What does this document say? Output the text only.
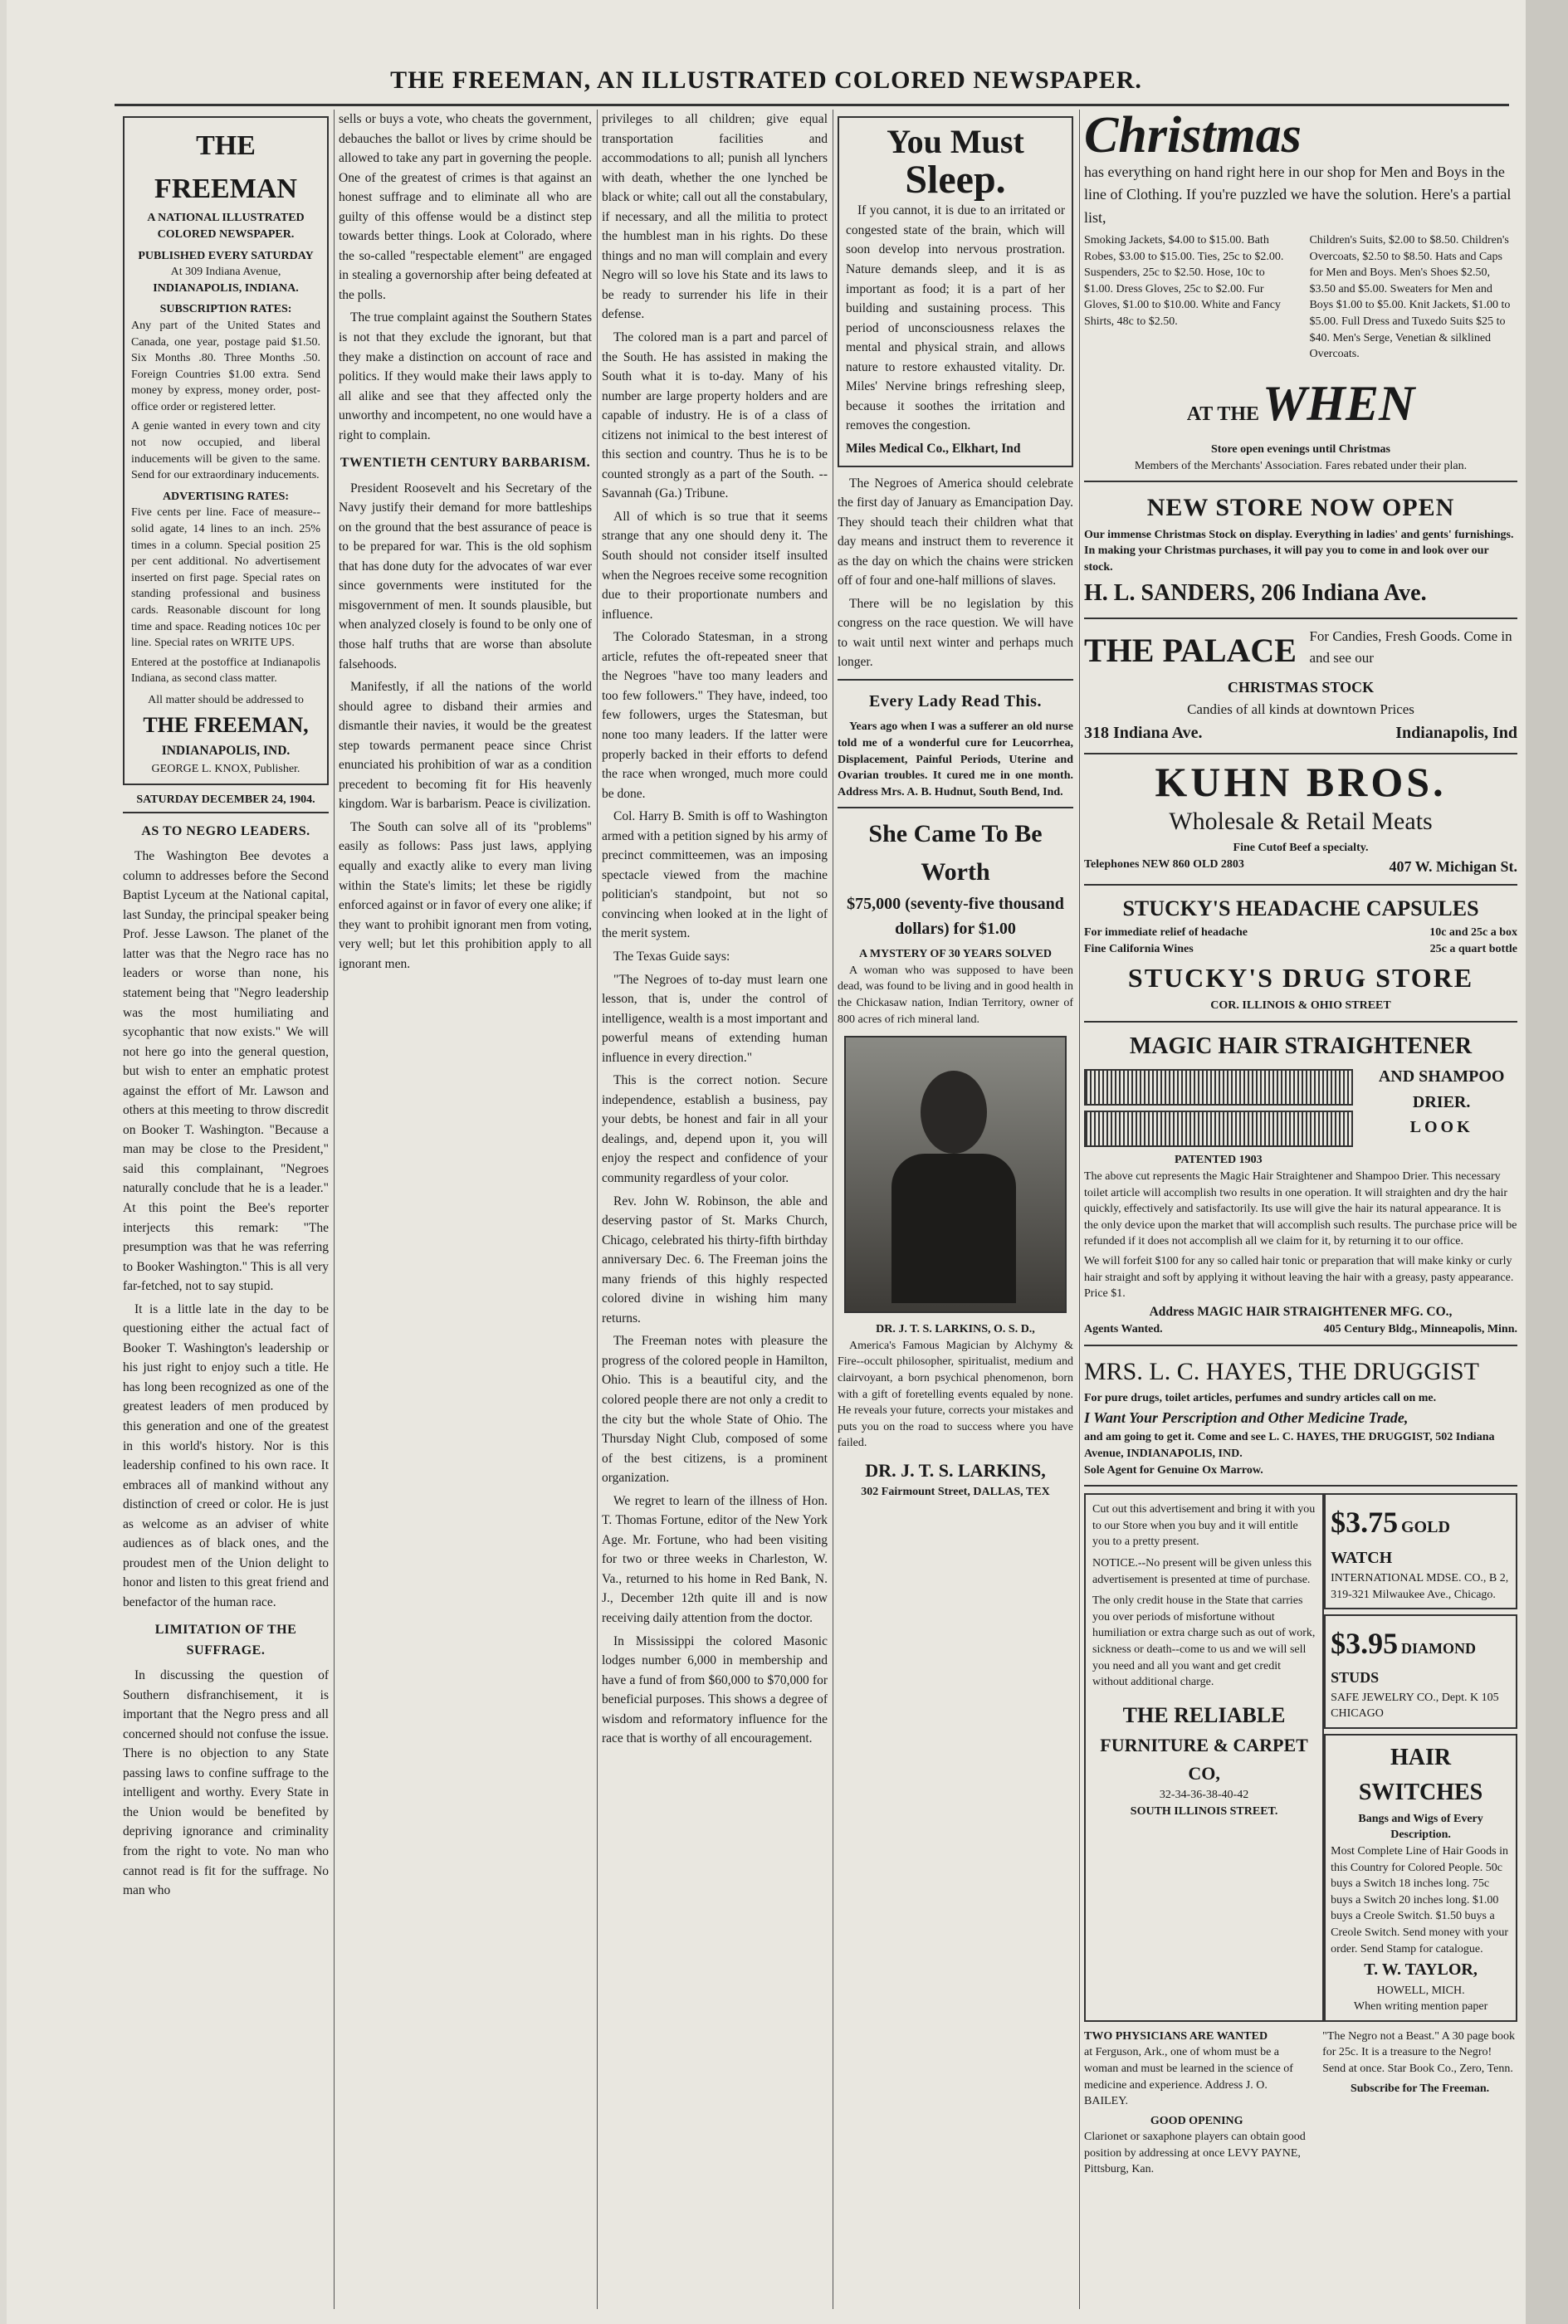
THE FREEMAN, AN ILLUSTRATED COLORED NEWSPAPER.
THE FREEMAN
A NATIONAL ILLUSTRATED
COLORED NEWSPAPER.
PUBLISHED EVERY SATURDAY
At 309 Indiana Avenue,
INDIANAPOLIS, INDIANA.
SUBSCRIPTION RATES:
Any part of the United States and Canada, one year, postage paid $1.50. Six Months .80. Three Months .50. Foreign Countries $1.00 extra. Send money by express, money order, post-office order or registered letter.
A genie wanted in every town and city not now occupied, and liberal inducements will be given to the same. Send for our extraordinary inducements.
ADVERTISING RATES:
Five cents per line. Face of measure--solid agate, 14 lines to an inch. 25% times in a column. Special position 25 per cent additional. No advertisement inserted on first page. Special rates on standing professional and business cards. Reasonable discount for long time and space. Reading notices 10c per line. Special rates on WRITE UPS.
Entered at the postoffice at Indianapolis Indiana, as second class matter.
All matter should be addressed to
THE FREEMAN,
INDIANAPOLIS, IND.
GEORGE L. KNOX, Publisher.
SATURDAY DECEMBER 24, 1904.
AS TO NEGRO LEADERS.

The Washington Bee devotes a column to addresses before the Second Baptist Lyceum at the National capital, last Sunday, the principal speaker being Prof. Jesse Lawson. The planet of the latter was that the Negro race has no leaders or worse than none, his statement being that "Negro leadership was the most humiliating and sycophantic that now exists." We will not here go into the general question, but wish to enter an emphatic protest against the effort of Mr. Lawson and others at this meeting to throw discredit on Booker T. Washington. "Because a man may be close to the President," said this complainant, "Negroes naturally conclude that he is a leader." At this point the Bee's reporter interjects this remark: "The presumption was that he was referring to Booker Washington." This is all very far-fetched, not to say stupid.

It is a little late in the day to be questioning either the actual fact of Booker T. Washington's leadership or his just right to enjoy such a title. He has long been recognized as one of the greatest leaders of men produced by this generation and one of the greatest in this world's history. Nor is this leadership confined to his own race. It embraces all of mankind without any distinction of creed or color. He is just as welcome as an adviser of white audiences as of black ones, and the proudest men of the Union delight to honor and listen to this great friend and benefactor of the human race.

LIMITATION OF THE SUFFRAGE.

In discussing the question of Southern disfranchisement, it is important that the Negro press and all concerned should not confuse the issue. There is no objection to any State passing laws to confine suffrage to the intelligent and worthy. Every State in the Union would be benefited by depriving ignorance and criminality from the right to vote. No man who cannot read is fit for the suffrage. No man who

sells or buys a vote, who cheats the government, debauches the ballot or lives by crime should be allowed to take any part in governing the people. One of the greatest of crimes is that against an honest suffrage and to eliminate all who are guilty of this offense would be a distinct step towards better things. Look at Colorado, where the so-called "respectable element" are engaged in stealing a governorship after being defeated at the polls.

The true complaint against the Southern States is not that they exclude the ignorant, but that they make a distinction on account of race and politics. If they would make their laws apply to all alike and see that they affected only the unworthy and incompetent, no one would have a right to complain.

TWENTIETH CENTURY BARBARISM.

President Roosevelt and his Secretary of the Navy justify their demand for more battleships on the ground that the best assurance of peace is to be prepared for war. This is the old sophism that has done duty for the advocates of war ever since governments were instituted for the misgovernment of men. It sounds plausible, but when analyzed closely is found to be only one of those half truths that are worse than absolute falsehoods.

Manifestly, if all the nations of the world should agree to disband their armies and dismantle their navies, it would be the greatest step towards permanent peace since Christ enunciated his prohibition of war as a condition precedent to becoming fit for His heavenly kingdom. War is barbarism. Peace is civilization.

The South can solve all of its "problems" easily as follows: Pass just laws, applying equally and exactly alike to every man living within the State's limits; let these be rigidly enforced against or in favor of every one alike; if they want to prohibit ignorant men from voting, very well; but let this prohibition apply to all ignorant men.

privileges to all children; give equal transportation facilities and accommodations to all; punish all lynchers with death, whether the one lynched be black or white; call out all the constabulary, if necessary, and all the militia to protect the humblest man in his rights. Do these things and no man will complain and every Negro will so love his State and its laws to be ready to surrender his life in their defense.

The colored man is a part and parcel of the South. He has assisted in making the South what it is to-day. Many of his number are large property holders and are capable of industry. He is of a class of citizens not inimical to the best interest of this section and country. Thus he is to be counted strongly as a part of the South. --Savannah (Ga.) Tribune.

All of which is so true that it seems strange that any one should deny it. The South should not consider itself insulted when the Negroes receive some recognition due to their proportionate numbers and influence.

The Colorado Statesman, in a strong article, refutes the oft-repeated sneer that the Negroes "have too many leaders and too few followers." They have, indeed, too few followers, urges the Statesman, but none too many leaders. If the latter were properly backed in their efforts to defend the race when wronged, much more could be done.

Col. Harry B. Smith is off to Washington armed with a petition signed by his army of precinct committeemen, was an imposing spectacle viewed from the machine politician's standpoint, but not so convincing when looked at in the light of the merit system.

The Texas Guide says:

"The Negroes of to-day must learn one lesson, that is, under the control of intelligence, wealth is a most important and powerful means of extending human influence in every direction."

This is the correct notion. Secure independence, establish a business, pay your debts, be honest and fair in all your dealings, and, depend upon it, you will enjoy the respect and confidence of your community regardless of your color.

Rev. John W. Robinson, the able and deserving pastor of St. Marks Church, Chicago, celebrated his thirty-fifth birthday anniversary Dec. 6. The Freeman joins the many friends of this highly respected colored divine in wishing him many returns.

The Freeman notes with pleasure the progress of the colored people in Hamilton, Ohio. This is a beautiful city, and the colored people there are not only a credit to the city but the whole State of Ohio. The Thursday Night Club, composed of some of the best citizens, is a prominent organization.

We regret to learn of the illness of Hon. T. Thomas Fortune, editor of the New York Age. Mr. Fortune, who had been visiting for two or three weeks in Charleston, W. Va., returned to his home in Red Bank, N. J., December 12th quite ill and is now receiving daily attention from the doctor.

In Mississippi the colored Masonic lodges number 6,000 in membership and have a fund of from $60,000 to $70,000 for beneficial purposes. This shows a degree of wisdom and reformatory influence for the race that is worthy of all encouragement.

You Must
Sleep.

If you cannot, it is due to an irritated or congested state of the brain, which will soon develop into nervous prostration. Nature demands sleep, and it is as important as food; it is a part of her building and sustaining process. This period of unconsciousness relaxes the mental and physical strain, and allows nature to restore exhausted vitality. Dr. Miles' Nervine brings refreshing sleep, because it soothes the irritation and removes the congestion.

Miles Medical Co., Elkhart, Ind

The Negroes of America should celebrate the first day of January as Emancipation Day. They should teach their children what that day means and instruct them to reverence it as the day on which the chains were stricken off of four and one-half millions of slaves.

There will be no legislation by this congress on the race question. We will have to wait until next winter and perhaps much longer.

Every Lady Read This.

Years ago when I was a sufferer an old nurse told me of a wonderful cure for Leucorrhea, Displacement, Painful Periods, Uterine and Ovarian troubles. It cured me in one month. Address Mrs. A. B. Hudnut, South Bend, Ind.

She Came To Be Worth
$75,000 (seventy-five thousand dollars) for $1.00
A MYSTERY OF 30 YEARS SOLVED

A woman who was supposed to have been dead, was found to be living and in good health in the Chickasaw nation, Indian Territory, owner of 800 acres of rich mineral land.

DR. J. T. S. LARKINS, O. S. D.,

America's Famous Magician by Alchymy & Fire--occult philosopher, spiritualist, medium and clairvoyant, a born psychical phenomenon, born with a gift of foretelling events equaled by none. He reveals your future, corrects your mistakes and puts you on the road to success where you have failed.

DR. J. T. S. LARKINS,
302 Fairmount Street, DALLAS, TEX
Christmas
has everything on hand right here in our shop for Men and Boys in the line of Clothing. If you're puzzled we have the solution. Here's a partial list,
Smoking Jackets, $4.00 to $15.00. Bath Robes, $3.00 to $15.00. Ties, 25c to $2.00. Suspenders, 25c to $2.50. Hose, 10c to $1.00. Dress Gloves, 25c to $2.00. Fur Gloves, $1.00 to $10.00. White and Fancy Shirts, 48c to $2.50.
Children's Suits, $2.00 to $8.50. Children's Overcoats, $2.50 to $8.50. Hats and Caps for Men and Boys. Men's Shoes $2.50, $3.50 and $5.00. Sweaters for Men and Boys $1.00 to $5.00. Knit Jackets, $1.00 to $5.00. Full Dress and Tuxedo Suits $25 to $40. Men's Serge, Venetian & silklined Overcoats.
AT THE WHEN
Store open evenings until Christmas
Members of the Merchants' Association. Fares rebated under their plan.
NEW STORE NOW OPEN
Our immense Christmas Stock on display. Everything in ladies' and gents' furnishings. In making your Christmas purchases, it will pay you to come in and look over our stock.
H. L. SANDERS, 206 Indiana Ave.
THE PALACE For Candies, Fresh Goods. Come in and see our
CHRISTMAS STOCK
Candies of all kinds at downtown Prices
318 Indiana Ave.	Indianapolis, Ind
KUHN BROS.
Wholesale & Retail Meats
Fine Cutof Beef a specialty.
Telephones NEW 860 OLD 2803	407 W. Michigan St.
STUCKY'S HEADACHE CAPSULES
For immediate relief of headache	10c and 25c a box
Fine California Wines	25c a quart bottle
STUCKY'S DRUG STORE
COR. ILLINOIS & OHIO STREET
MAGIC HAIR STRAIGHTENER
PATENTED 1903
AND SHAMPOO DRIER.
LOOK
The above cut represents the Magic Hair Straightener and Shampoo Drier. This necessary toilet article will accomplish two results in one operation. It will straighten and dry the hair quickly, effectively and satisfactorily. Its use will give the hair its natural appearance. It is the only device upon the market that will accomplish such results. The purchase price will be refunded if it does not accomplish all we claim for it, by returning it to our office.
We will forfeit $100 for any so called hair tonic or preparation that will make kinky or curly hair straight and soft by applying it without leaving the hair with a greasy, pasty appearance. Price $1.
Address MAGIC HAIR STRAIGHTENER MFG. CO.,
Agents Wanted.	405 Century Bldg., Minneapolis, Minn.
MRS. L. C. HAYES, THE DRUGGIST
For pure drugs, toilet articles, perfumes and sundry articles call on me.
I Want Your Perscription and Other Medicine Trade,
and am going to get it. Come and see L. C. HAYES, THE DRUGGIST, 502 Indiana Avenue, INDIANAPOLIS, IND.
Sole Agent for Genuine Ox Marrow.
Cut out this advertisement and bring it with you to our Store when you buy and it will entitle you to a pretty present.
NOTICE.--No present will be given unless this advertisement is presented at time of purchase.
The only credit house in the State that carries you over periods of misfortune without humiliation or extra charge such as out of work, sickness or death--come to us and we will sell you need and all you want and get credit without additional charge.
THE RELIABLE
FURNITURE & CARPET CO,
32-34-36-38-40-42
SOUTH ILLINOIS STREET.
$3.75 GOLD WATCH
INTERNATIONAL MDSE. CO., B 2, 319-321 Milwaukee Ave., Chicago.
$3.95 DIAMOND STUDS
SAFE JEWELRY CO., Dept. K 105 CHICAGO
HAIR SWITCHES
Bangs and Wigs of Every Description.
Most Complete Line of Hair Goods in this Country for Colored People. 50c buys a Switch 18 inches long. 75c buys a Switch 20 inches long. $1.00 buys a Creole Switch. $1.50 buys a Creole Switch. Send money with your order. Send Stamp for catalogue.
T. W. TAYLOR,
HOWELL, MICH.
When writing mention paper
TWO PHYSICIANS ARE WANTED
at Ferguson, Ark., one of whom must be a woman and must be learned in the science of medicine and experience. Address J. O. BAILEY.
GOOD OPENING
Clarionet or saxaphone players can obtain good position by addressing at once LEVY PAYNE, Pittsburg, Kan.
"The Negro not a Beast." A 30 page book for 25c. It is a treasure to the Negro! Send at once. Star Book Co., Zero, Tenn.
Subscribe for The Freeman.
